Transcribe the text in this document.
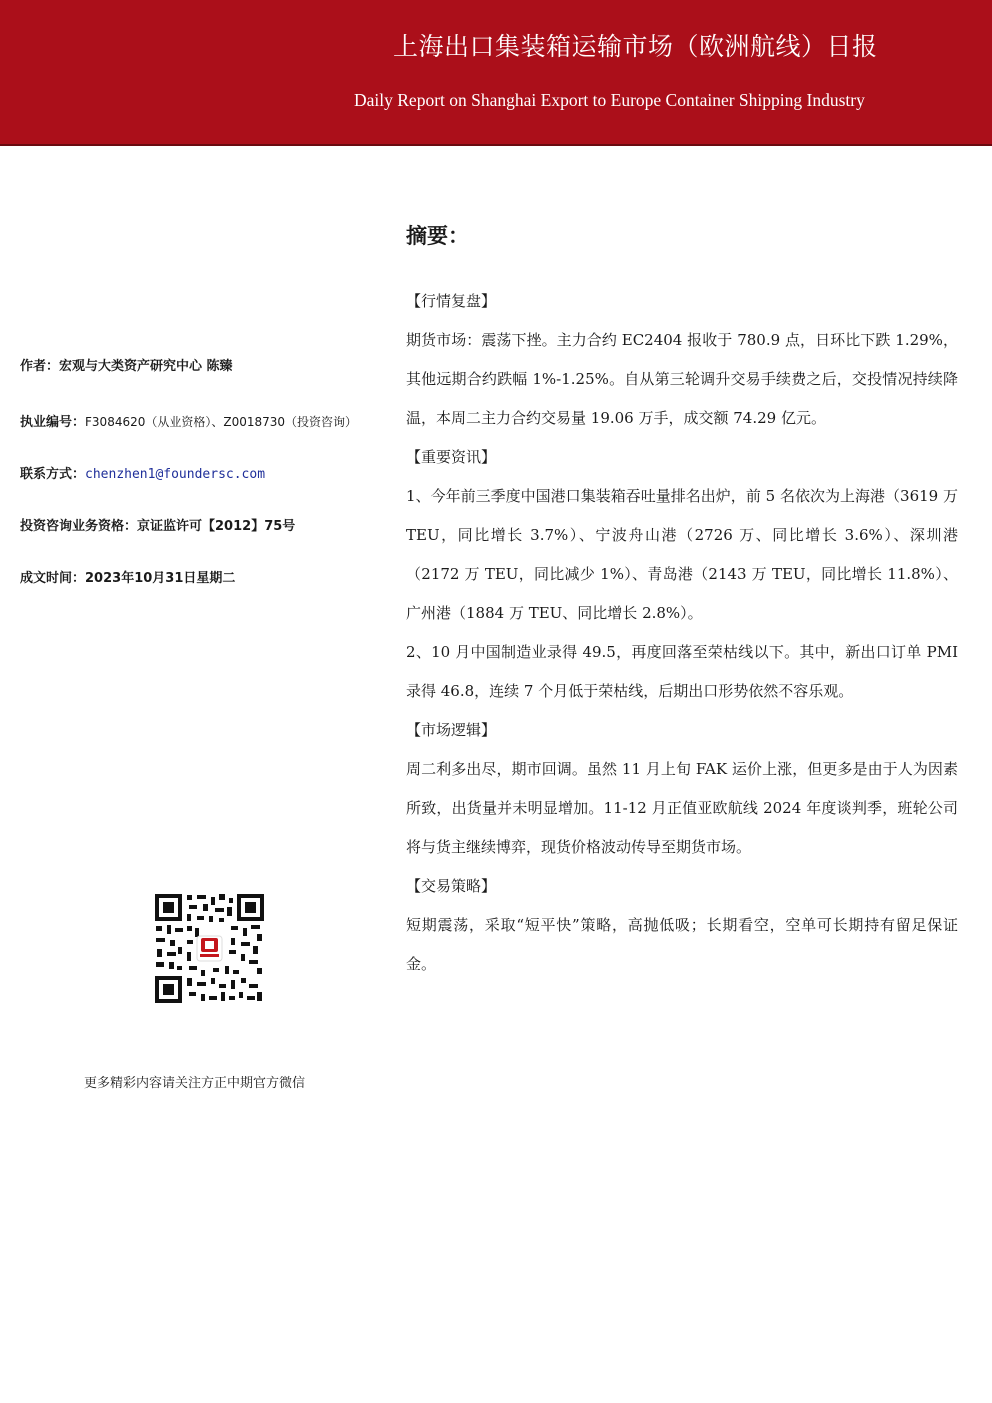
上海出口集装箱运输市场（欧洲航线）日报
Daily Report on Shanghai Export to Europe Container Shipping Industry
作者：宏观与大类资产研究中心 陈臻
执业编号：F3084620（从业资格）、Z0018730（投资咨询）
联系方式：chenzhen1@foundersc.com
投资咨询业务资格：京证监许可【2012】75号
成文时间：2023年10月31日星期二
更多精彩内容请关注方正中期官方微信
摘要：

【行情复盘】

期货市场：震荡下挫。主力合约 EC2404 报收于 780.9 点，日环比下跌 1.29%，其他远期合约跌幅 1%-1.25%。自从第三轮调升交易手续费之后，交投情况持续降温，本周二主力合约交易量 19.06 万手，成交额 74.29 亿元。

【重要资讯】

1、今年前三季度中国港口集装箱吞吐量排名出炉，前 5 名依次为上海港（3619 万 TEU，同比增长 3.7%）、宁波舟山港（2726 万、同比增长 3.6%）、深圳港（2172 万 TEU，同比减少 1%）、青岛港（2143 万 TEU，同比增长 11.8%）、广州港（1884 万 TEU、同比增长 2.8%）。

2、10 月中国制造业录得 49.5，再度回落至荣枯线以下。其中，新出口订单 PMI 录得 46.8，连续 7 个月低于荣枯线，后期出口形势依然不容乐观。

【市场逻辑】

周二利多出尽，期市回调。虽然 11 月上旬 FAK 运价上涨，但更多是由于人为因素所致，出货量并未明显增加。11-12 月正值亚欧航线 2024 年度谈判季，班轮公司将与货主继续博弈，现货价格波动传导至期货市场。

【交易策略】

短期震荡，采取“短平快”策略，高抛低吸；长期看空，空单可长期持有留足保证金。
